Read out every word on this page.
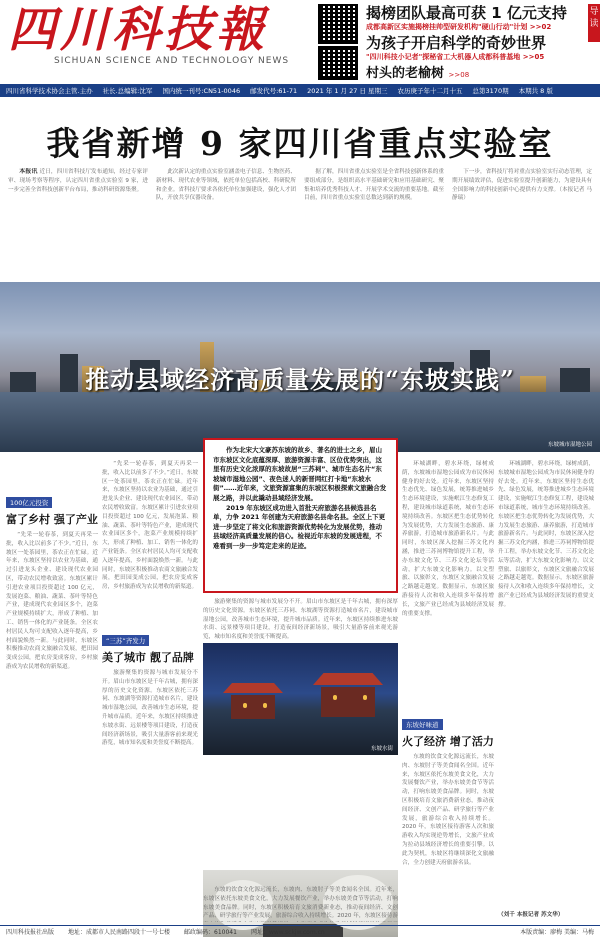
四川科技報
SICHUAN SCIENCE AND TECHNOLOGY NEWS
揭榜团队最高可获 1 亿元支持
成都高新区实施揭榜挂帅型研发机构"硬山行动"计划 >>02
为孩子开启科学的奇妙世界
"四川科技小记者"探秘省工大机器人成都科普基地 >>05
村头的老榆树 >>08
导读
四川省科学技术协会主管.主办 社长.总编辑:沈军 国内统一刊号:CN51-0046 邮发代号:61-71 2021 年 1 月 27 日 星期三 农历庚子年十二月十五 总第3170期 本期共 8 版
我省新增 9 家四川省重点实验室

本报讯 近日，四川省科技厅发布通知，经过专家评审、现场考察等程序，认定四川省重点实验室 9 家，进一步完善全省科技创新平台布局，推动科研资源集聚。

此次新认定的重点实验室涵盖电子信息、生物医药、新材料、现代农业等领域，依托单位包括高校、科研院所和企业。省科技厅要求各依托单位加强建设，强化人才团队，开放共享仪器设备。

据了解，四川省重点实验室是全省科技创新体系的重要组成部分，是组织高水平基础研究和应用基础研究、聚集和培养优秀科技人才、开展学术交流的重要基地。截至目前，四川省重点实验室总数达到新的规模。

下一步，省科技厅将对重点实验室实行动态管理，定期开展绩效评估，促进实验室提升创新能力，为建设具有全国影响力的科技创新中心提供有力支撑。（本报记者 马静瑞）

东坡城市湿地公园
推动县域经济高质量发展的“东坡实践”

作为北宋大文豪苏东坡的故乡、著名的进士之乡，眉山市东坡区文化底蕴深厚、旅游资源丰富、区位优势突出，这里有历史文化浓厚的东坡故居“三苏祠”、城市生态名片“东坡城市湿地公园”、夜色迷人的新晋网红打卡地“东坡水街”……近年来，文旅资源富集的东坡区积极探索文旅融合发展之路，并以此撬动县域经济发展。

2019 年东坡区成功进入首批天府旅游名县候选县名单，力争 2021 年创建为天府旅游名县命名县。全区上下更进一步坚定了将文化和旅游资源优势转化为发展优势，推动县域经济高质量发展的信心。检视近年东坡的发展进程，不难看到一步一步笃定走来的足迹。

100亿元投资
富了乡村 强了产业

“先采一轮春茶，到夏天再采一批，收入比以前多了不少。”近日，东坡区一处茶园里，茶农正在忙碌。近年来，东坡区坚持以农业为基础，通过引进龙头企业、建设现代农业园区，带动农民增收致富。东坡区累计引进农业项目投资超过 100 亿元，发展泡菜、粮油、蔬菜、茶叶等特色产业，建成现代农业园区多个，泡菜产业规模持续扩大，形成了种植、加工、销售一体化的产业链条。全区农村居民人均可支配收入逐年提高，乡村面貌焕然一新。与此同时，东坡区积极推动农商文旅融合发展，把田园变成公园，把农房变成客房，乡村旅游成为农民增收的新渠道。

“先采一轮春茶，到夏天再采一批，收入比以前多了不少。”近日，东坡区一处茶园里，茶农正在忙碌。近年来，东坡区坚持以农业为基础，通过引进龙头企业、建设现代农业园区，带动农民增收致富。东坡区累计引进农业项目投资超过 100 亿元，发展泡菜、粮油、蔬菜、茶叶等特色产业，建成现代农业园区多个，泡菜产业规模持续扩大，形成了种植、加工、销售一体化的产业链条。全区农村居民人均可支配收入逐年提高，乡村面貌焕然一新。与此同时，东坡区积极推动农商文旅融合发展，把田园变成公园，把农房变成客房，乡村旅游成为农民增收的新渠道。

“三苏”齐发力
美了城市 靓了品牌

旅游聚集的资源与城市发展分不开。眉山市东坡区是千年古城，拥有深厚的历史文化资源。东坡区依托三苏祠、东坡湖等资源打造城市名片，建设城市湿地公园，改善城市生态环境，提升城市品质。近年来，东坡区持续推进东坡水街、远景楼等项目建设，打造夜间经济新场景，吸引大量游客前来观光游览，城市知名度和美誉度不断提高。

旅游聚集的资源与城市发展分不开。眉山市东坡区是千年古城，拥有深厚的历史文化资源。东坡区依托三苏祠、东坡湖等资源打造城市名片，建设城市湿地公园，改善城市生态环境，提升城市品质。近年来，东坡区持续推进东坡水街、远景楼等项目建设，打造夜间经济新场景，吸引大量游客前来观光游览，城市知名度和美誉度不断提高。

东坡水街

东坡的饮食文化源远流长，东坡肉、东坡肘子等美食闻名全国。近年来，东坡区依托东坡美食文化，大力发展餐饮产业，举办东坡美食节等活动，打响东坡美食品牌。同时，东坡区积极培育文旅消费新业态，推动夜间经济、文创产品、研学旅行等产业发展，旅游综合收入持续增长。2020 年，东坡区接待游

环城湖畔，碧水环绕，绿树成荫，东坡城市湿地公园成为市民休闲健身的好去处。近年来，东坡区坚持生态优先、绿色发展，统筹推进城乡生态环境建设，实施岷江生态修复工程，建设城市绿道系统，城市生态环境持续改善。东坡区把生态优势转化为发展优势，大力发展生态旅游、康养旅游，打造城市旅游新名片。与此同时，东坡区深入挖掘三苏文化内涵，推进三苏祠博物馆提升工程，举办东坡文化节、三苏文化论坛等活动，扩大东坡文化影响力。以文塑旅、以旅彰文，东坡区文旅融合发展之路越走越宽。数据显示，东坡区旅游接待人次和收入连续多年保持增长，文旅产业已经成为县域经济发展的重要支撑。

东坡好味道
火了经济 增了活力

东坡的饮食文化源远流长，东坡肉、东坡肘子等美食闻名全国。近年来，东坡区依托东坡美食文化，大力发展餐饮产业，举办东坡美食节等活动，打响东坡美食品牌。同时，东坡区积极培育文旅消费新业态，推动夜间经济、文创产品、研学旅行等产业发展，旅游综合收入持续增长。2020 年，东坡区接待游客人次和旅游收入均实现逆势增长，文旅产业成为拉动县域经济增长的重要引擎。以此为契机，东坡区将继续深化文旅融合，全力创建天府旅游名县。

环城湖畔，碧水环绕，绿树成荫，东坡城市湿地公园成为市民休闲健身的好去处。近年来，东坡区坚持生态优先、绿色发展，统筹推进城乡生态环境建设，实施岷江生态修复工程，建设城市绿道系统，城市生态环境持续改善。东坡区把生态优势转化为发展优势，大力发展生态旅游、康养旅游，打造城市旅游新名片。与此同时，东坡区深入挖掘三苏文化内涵，推进三苏祠博物馆提升工程，举办东坡文化节、三苏文化论坛等活动，扩大东坡文化影响力。以文塑旅、以旅彰文，东坡区文旅融合发展之路越走越宽。数据显示，东坡区旅游接待人次和收入连续多年保持增长，文旅产业已经成为县域经济发展的重要支撑。

（刘千 本报记者 苏文华）
四川科技报社出版 地址：成都市人民南路四段十一号七楼 邮政编码：610041 网址：www.sckjw.com.cn	本版责编：廖梅 美编：马梅
